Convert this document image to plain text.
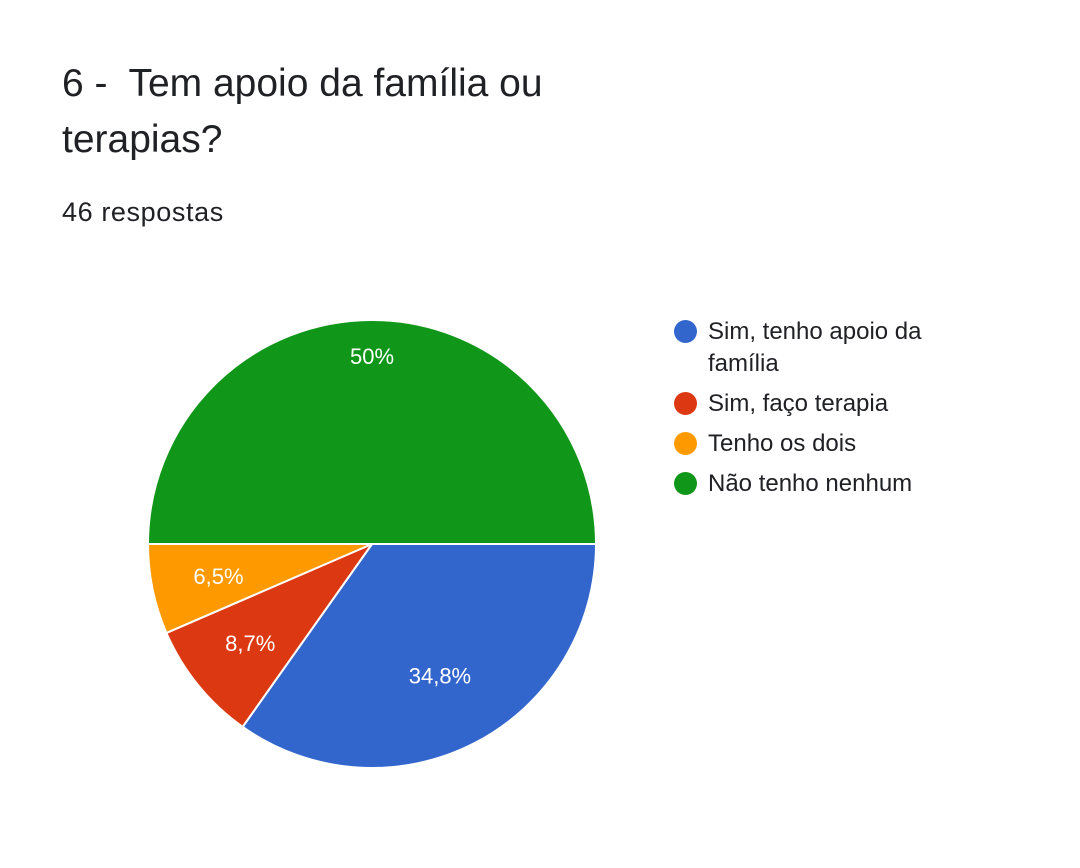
6 -  Tem apoio da família ou terapias?
46 respostas
34,8%
8,7%
6,5%
50%
Sim, tenho apoio da família
Sim, faço terapia
Tenho os dois
Não tenho nenhum
